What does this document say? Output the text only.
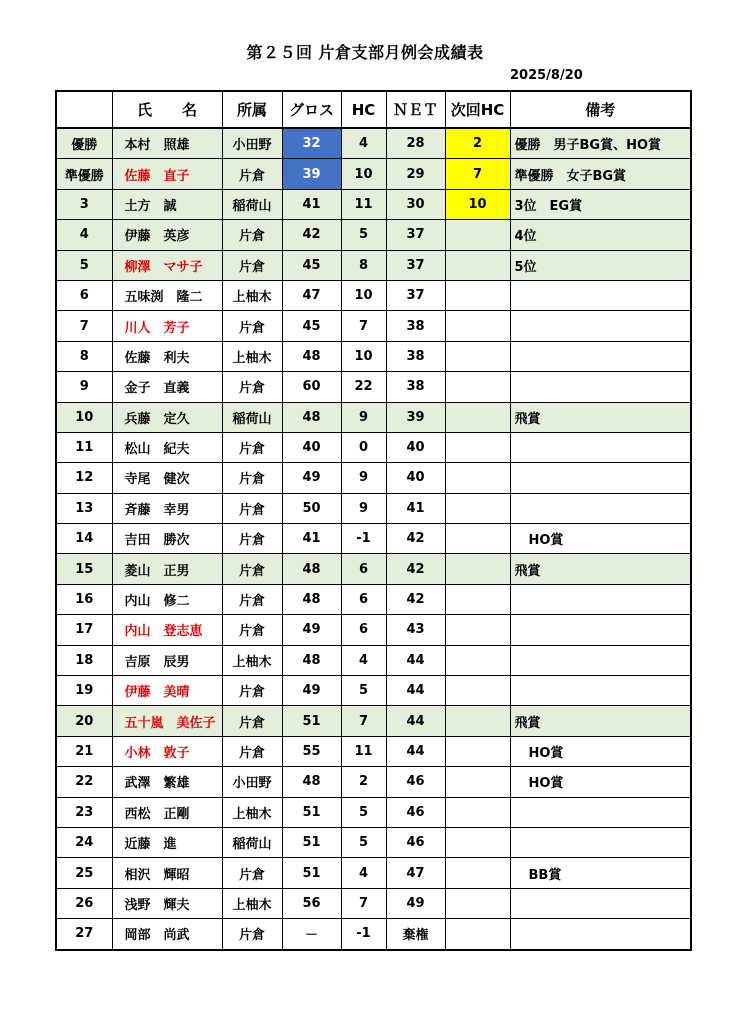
第２５回 片倉支部月例会成績表
2025/8/20
	氏　　名	所属	グロス	HC	ＮＥＴ	次回HC	備考
優勝	本村　照雄	小田野	32	4	28	2	優勝　男子BG賞、HO賞
準優勝	佐藤　直子	片倉	39	10	29	7	準優勝　女子BG賞
3	土方　誠	稲荷山	41	11	30	10	3位　EG賞
4	伊藤　英彦	片倉	42	5	37		4位
5	柳澤　マサ子	片倉	45	8	37		5位
6	五味渕　隆二	上柚木	47	10	37		
7	川人　芳子	片倉	45	7	38		
8	佐藤　利夫	上柚木	48	10	38		
9	金子　直義	片倉	60	22	38		
10	兵藤　定久	稲荷山	48	9	39		飛賞
11	松山　紀夫	片倉	40	0	40		
12	寺尾　健次	片倉	49	9	40		
13	斉藤　幸男	片倉	50	9	41		
14	吉田　勝次	片倉	41	-1	42		HO賞
15	菱山　正男	片倉	48	6	42		飛賞
16	内山　修二	片倉	48	6	42		
17	内山　登志恵	片倉	49	6	43		
18	吉原　辰男	上柚木	48	4	44		
19	伊藤　美晴	片倉	49	5	44		
20	五十嵐　美佐子	片倉	51	7	44		飛賞
21	小林　敦子	片倉	55	11	44		HO賞
22	武澤　繁雄	小田野	48	2	46		HO賞
23	西松　正剛	上柚木	51	5	46		
24	近藤　進	稲荷山	51	5	46		
25	相沢　輝昭	片倉	51	4	47		BB賞
26	浅野　輝夫	上柚木	56	7	49		
27	岡部　尚武	片倉	－	-1	棄権		
